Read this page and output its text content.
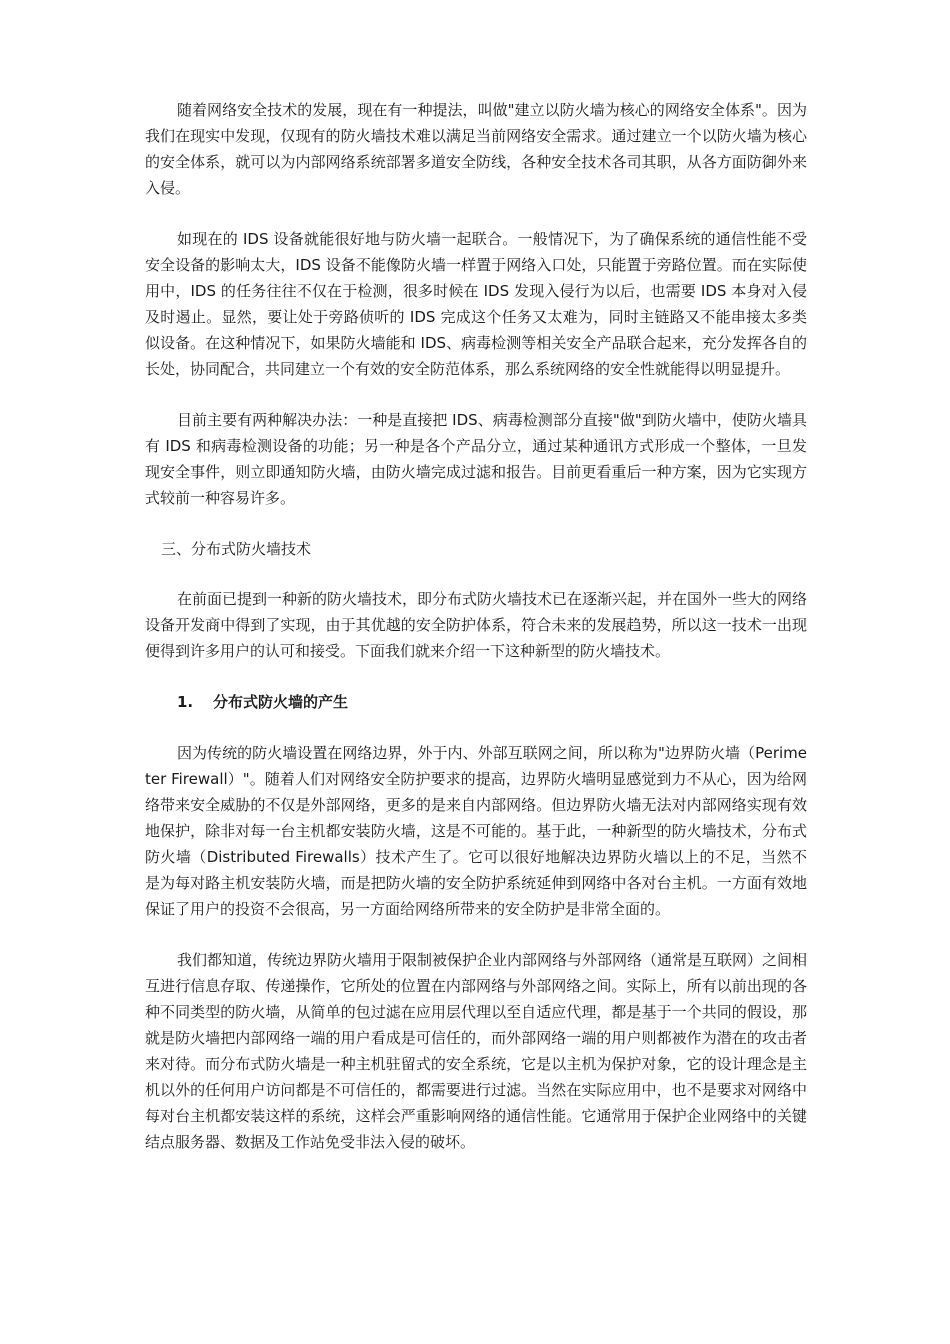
随着网络安全技术的发展，现在有一种提法，叫做"建立以防火墙为核心的网络安全体系"。因为我们在现实中发现，仅现有的防火墙技术难以满足当前网络安全需求。通过建立一个以防火墙为核心的安全体系，就可以为内部网络系统部署多道安全防线，各种安全技术各司其职，从各方面防御外来入侵。

如现在的 IDS 设备就能很好地与防火墙一起联合。一般情况下，为了确保系统的通信性能不受安全设备的影响太大，IDS 设备不能像防火墙一样置于网络入口处，只能置于旁路位置。而在实际使用中，IDS 的任务往往不仅在于检测，很多时候在 IDS 发现入侵行为以后，也需要 IDS 本身对入侵及时遏止。显然，要让处于旁路侦听的 IDS 完成这个任务又太难为，同时主链路又不能串接太多类似设备。在这种情况下，如果防火墙能和 IDS、病毒检测等相关安全产品联合起来，充分发挥各自的长处，协同配合，共同建立一个有效的安全防范体系，那么系统网络的安全性就能得以明显提升。

目前主要有两种解决办法：一种是直接把 IDS、病毒检测部分直接"做"到防火墙中，使防火墙具有 IDS 和病毒检测设备的功能；另一种是各个产品分立，通过某种通讯方式形成一个整体，一旦发现安全事件，则立即通知防火墙，由防火墙完成过滤和报告。目前更看重后一种方案，因为它实现方式较前一种容易许多。

三、分布式防火墙技术

在前面已提到一种新的防火墙技术，即分布式防火墙技术已在逐渐兴起，并在国外一些大的网络设备开发商中得到了实现，由于其优越的安全防护体系，符合未来的发展趋势，所以这一技术一出现便得到许多用户的认可和接受。下面我们就来介绍一下这种新型的防火墙技术。

1. 分布式防火墙的产生

因为传统的防火墙设置在网络边界，外于内、外部互联网之间，所以称为"边界防火墙（Perimeter Firewall）"。随着人们对网络安全防护要求的提高，边界防火墙明显感觉到力不从心，因为给网络带来安全威胁的不仅是外部网络，更多的是来自内部网络。但边界防火墙无法对内部网络实现有效地保护，除非对每一台主机都安装防火墙，这是不可能的。基于此，一种新型的防火墙技术，分布式防火墙（Distributed Firewalls）技术产生了。它可以很好地解决边界防火墙以上的不足，当然不是为每对路主机安装防火墙，而是把防火墙的安全防护系统延伸到网络中各对台主机。一方面有效地保证了用户的投资不会很高，另一方面给网络所带来的安全防护是非常全面的。

我们都知道，传统边界防火墙用于限制被保护企业内部网络与外部网络（通常是互联网）之间相互进行信息存取、传递操作，它所处的位置在内部网络与外部网络之间。实际上，所有以前出现的各种不同类型的防火墙，从简单的包过滤在应用层代理以至自适应代理，都是基于一个共同的假设，那就是防火墙把内部网络一端的用户看成是可信任的，而外部网络一端的用户则都被作为潜在的攻击者来对待。而分布式防火墙是一种主机驻留式的安全系统，它是以主机为保护对象，它的设计理念是主机以外的任何用户访问都是不可信任的，都需要进行过滤。当然在实际应用中，也不是要求对网络中每对台主机都安装这样的系统，这样会严重影响网络的通信性能。它通常用于保护企业网络中的关键结点服务器、数据及工作站免受非法入侵的破坏。
